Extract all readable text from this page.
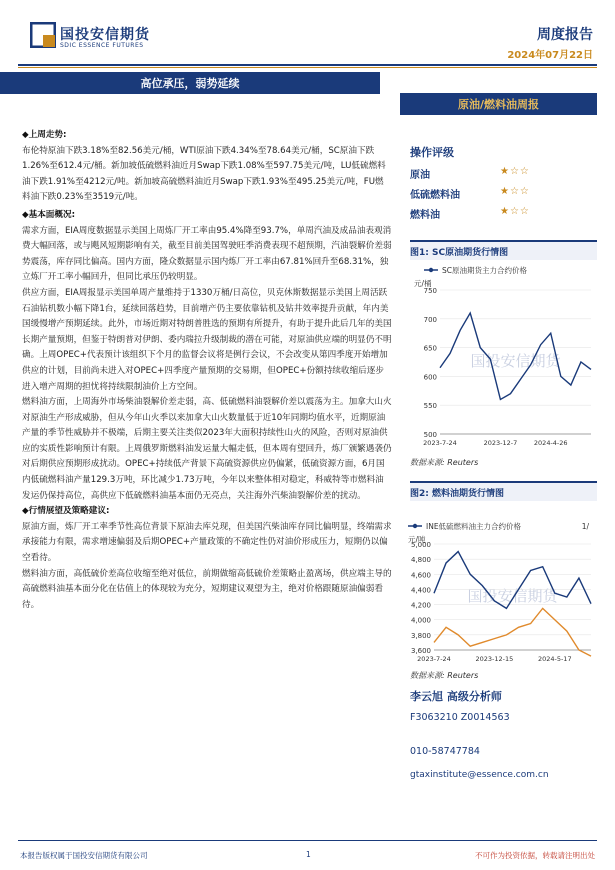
国投安信期货
SDIC ESSENCE FUTURES
周度报告
2024年07月22日
高位承压，弱势延续
原油/燃料油周报
◆上周走势:

布伦特原油下跌3.18%至82.56美元/桶，WTI原油下跌4.34%至78.64美元/桶，SC原油下跌1.26%至612.4元/桶。新加坡低硫燃料油近月Swap下跌1.08%至597.75美元/吨，LU低硫燃料油下跌1.91%至4212元/吨。新加坡高硫燃料油近月Swap下跌1.93%至495.25美元/吨，FU燃料油下跌0.23%至3519元/吨。

◆基本面概况:

需求方面，EIA周度数据显示美国上周炼厂开工率由95.4%降至93.7%，单周汽油及成品油表观消费大幅回落，或与飓风短期影响有关，截至目前美国驾驶旺季消费表现不超预期，汽油裂解价差弱势震荡，库存同比偏高。国内方面，隆众数据显示国内炼厂开工率由67.81%回升至68.31%，独立炼厂开工率小幅回升，但同比承压仍较明显。

供应方面，EIA周报显示美国单周产量维持于1330万桶/日高位，贝克休斯数据显示美国上周活跃石油钻机数小幅下降1台，延续回落趋势，目前增产仍主要依靠钻机及钻井效率提升贡献，年内美国缓慢增产预期延续。此外，市场近期对特朗普胜选的预期有所提升，有助于提升此后几年的美国长期产量预期，但鉴于特朗普对伊朗、委内瑞拉升级制裁的潜在可能，对原油供应端的明显仍不明确。上周OPEC+代表预计该组织下个月的监督会议将是例行会议，不会改变从第四季度开始增加供应的计划，目前尚未进入对OPEC+四季度产量预期的交易期，但OPEC+份额持续收缩后逐步进入增产周期的担忧将持续限制油价上方空间。

燃料油方面，上周海外市场柴油裂解价差走弱，高、低硫燃料油裂解价差以震荡为主。加拿大山火对原油生产形成威胁，但从今年山火季以来加拿大山火数量低于近10年同期均值水平，近期原油产量的季节性威胁并不极端，后期主要关注类似2023年大面积持续性山火的风险，否则对原油供应的实质性影响预计有限。上周俄罗斯燃料油发运量大幅走低，但本周有望回升，炼厂颁繁遇袭仍对后期供应预期形成扰动。OPEC+持续低产背景下高硫资源供应仍偏紧，低硫资源方面，6月国内低硫燃料油产量129.3万吨，环比减少1.73万吨，今年以来整体相对稳定，科威特等市燃料油发运仍保持高位，高供应下低硫燃料油基本面仍无亮点，关注海外汽柴油裂解价差的扰动。

◆行情展望及策略建议:

原油方面，炼厂开工率季节性高位背景下原油去库兑现，但美国汽柴油库存同比偏明显，终端需求承接能力有限，需求增速偏弱及后期OPEC+产量政策的不确定性仍对油价形成压力，短期仍以偏空看待。

燃料油方面，高低硫价差高位收缩至绝对低位，前期做缩高低硫价差策略止盈离场，供应端主导的高硫燃料油基本面分化在估值上的体现较为充分，短期建议观望为主，绝对价格跟随原油偏弱看待。

操作评级
原油	★☆☆
低硫燃料油	★☆☆
燃料油	★☆☆
图1: SC原油期货行情图
国投安信期货
SC原油期货主力合约价格
元/桶
750
700
650
600
550
500
2023-7-24	2023-12-7	2024-4-26
数据来源: Reuters
图2: 燃料油期货行情图
国投安信期货
INE低硫燃料油主力合约价格	1/
元/吨
5,000
4,800
4,600
4,400
4,200
4,000
3,800
3,600
2023-7-24	2023-12-15	2024-5-17
数据来源: Reuters
李云旭 高级分析师
F3063210 Z0014563
010-58747784
gtaxinstitute@essence.com.cn
本报告版权属于国投安信期货有限公司	1	不可作为投资依据，转载请注明出处
